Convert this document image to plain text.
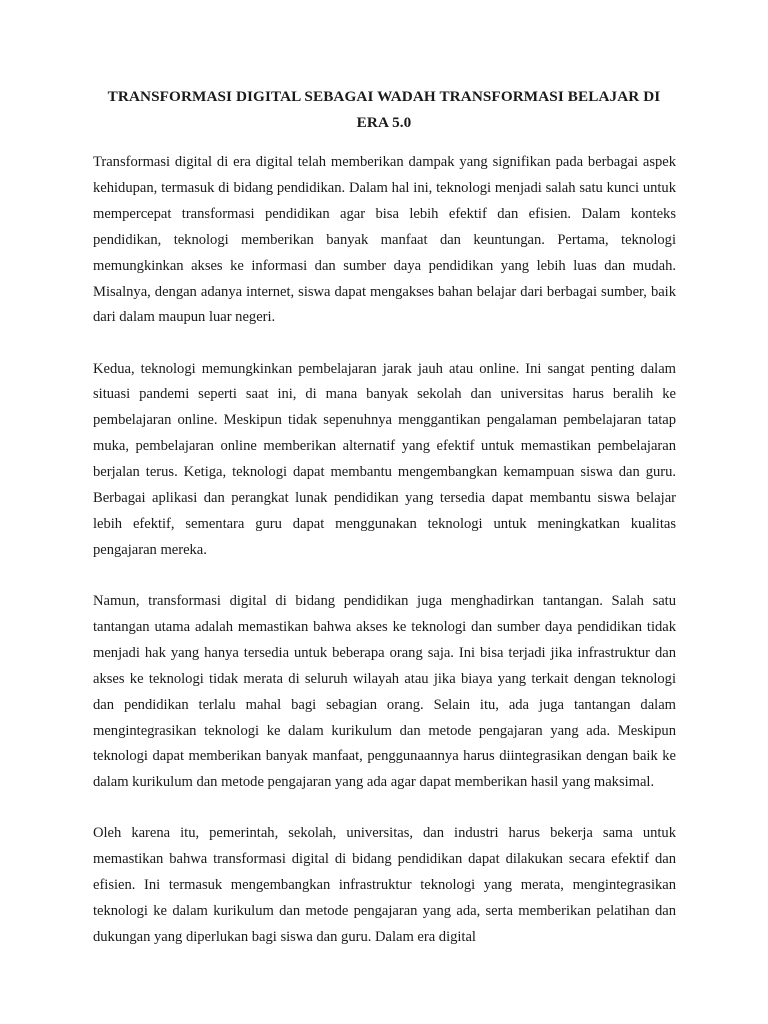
TRANSFORMASI DIGITAL SEBAGAI WADAH TRANSFORMASI BELAJAR DI ERA 5.0

Transformasi digital di era digital telah memberikan dampak yang signifikan pada berbagai aspek kehidupan, termasuk di bidang pendidikan. Dalam hal ini, teknologi menjadi salah satu kunci untuk mempercepat transformasi pendidikan agar bisa lebih efektif dan efisien. Dalam konteks pendidikan, teknologi memberikan banyak manfaat dan keuntungan. Pertama, teknologi memungkinkan akses ke informasi dan sumber daya pendidikan yang lebih luas dan mudah. Misalnya, dengan adanya internet, siswa dapat mengakses bahan belajar dari berbagai sumber, baik dari dalam maupun luar negeri.

Kedua, teknologi memungkinkan pembelajaran jarak jauh atau online. Ini sangat penting dalam situasi pandemi seperti saat ini, di mana banyak sekolah dan universitas harus beralih ke pembelajaran online. Meskipun tidak sepenuhnya menggantikan pengalaman pembelajaran tatap muka, pembelajaran online memberikan alternatif yang efektif untuk memastikan pembelajaran berjalan terus. Ketiga, teknologi dapat membantu mengembangkan kemampuan siswa dan guru. Berbagai aplikasi dan perangkat lunak pendidikan yang tersedia dapat membantu siswa belajar lebih efektif, sementara guru dapat menggunakan teknologi untuk meningkatkan kualitas pengajaran mereka.

Namun, transformasi digital di bidang pendidikan juga menghadirkan tantangan. Salah satu tantangan utama adalah memastikan bahwa akses ke teknologi dan sumber daya pendidikan tidak menjadi hak yang hanya tersedia untuk beberapa orang saja. Ini bisa terjadi jika infrastruktur dan akses ke teknologi tidak merata di seluruh wilayah atau jika biaya yang terkait dengan teknologi dan pendidikan terlalu mahal bagi sebagian orang. Selain itu, ada juga tantangan dalam mengintegrasikan teknologi ke dalam kurikulum dan metode pengajaran yang ada. Meskipun teknologi dapat memberikan banyak manfaat, penggunaannya harus diintegrasikan dengan baik ke dalam kurikulum dan metode pengajaran yang ada agar dapat memberikan hasil yang maksimal.

Oleh karena itu, pemerintah, sekolah, universitas, dan industri harus bekerja sama untuk memastikan bahwa transformasi digital di bidang pendidikan dapat dilakukan secara efektif dan efisien. Ini termasuk mengembangkan infrastruktur teknologi yang merata, mengintegrasikan teknologi ke dalam kurikulum dan metode pengajaran yang ada, serta memberikan pelatihan dan dukungan yang diperlukan bagi siswa dan guru. Dalam era digital
